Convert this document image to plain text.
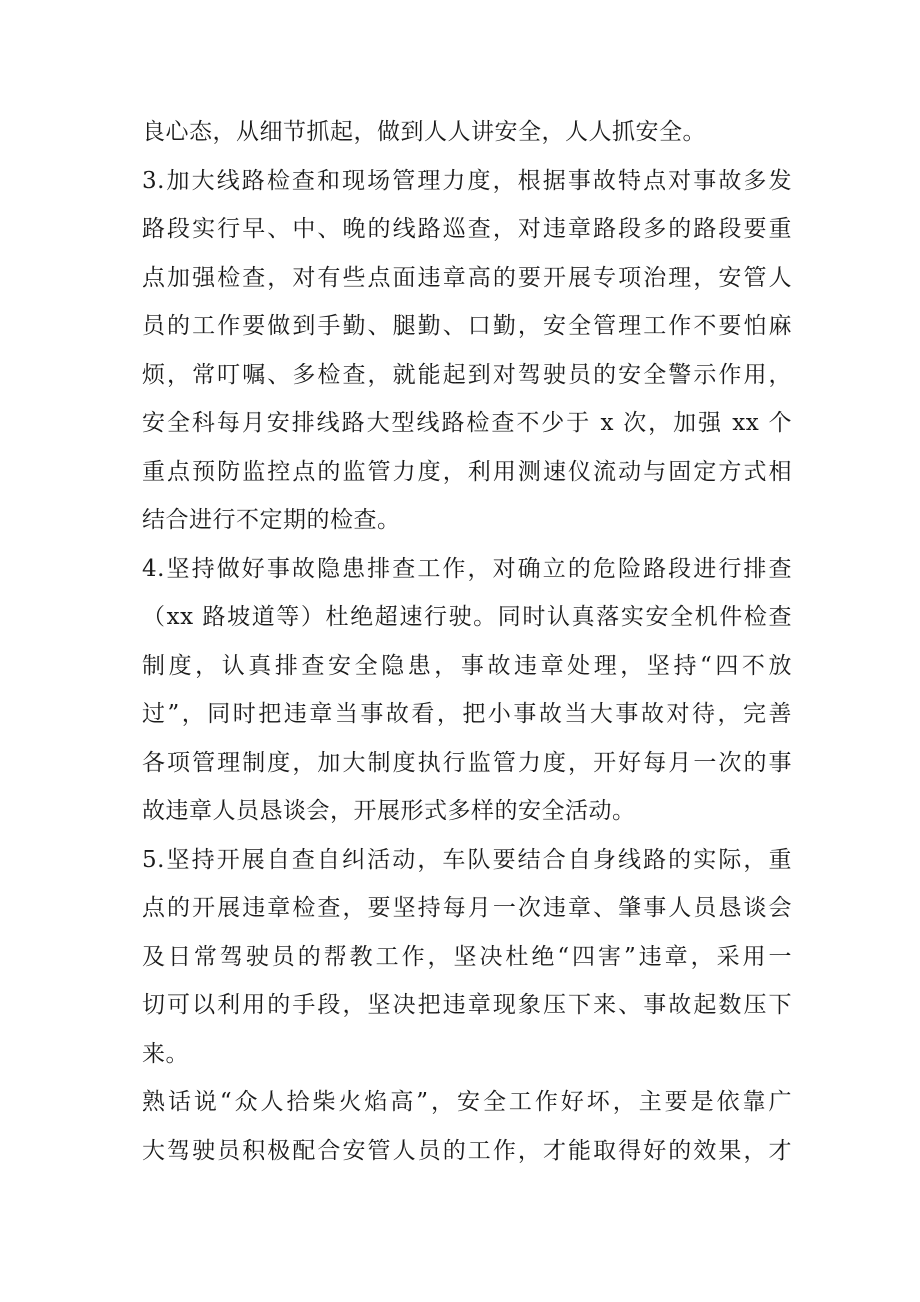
良心态，从细节抓起，做到人人讲安全，人人抓安全。
3.加大线路检查和现场管理力度，根据事故特点对事故多发
路段实行早、中、晚的线路巡查，对违章路段多的路段要重
点加强检查，对有些点面违章高的要开展专项治理，安管人
员的工作要做到手勤、腿勤、口勤，安全管理工作不要怕麻
烦，常叮嘱、多检查，就能起到对驾驶员的安全警示作用，
安全科每月安排线路大型线路检查不少于 x 次，加强 xx 个
重点预防监控点的监管力度，利用测速仪流动与固定方式相
结合进行不定期的检查。
4.坚持做好事故隐患排查工作，对确立的危险路段进行排查
（xx 路坡道等）杜绝超速行驶。同时认真落实安全机件检查
制度，认真排查安全隐患，事故违章处理，坚持“四不放
过”，同时把违章当事故看，把小事故当大事故对待，完善
各项管理制度，加大制度执行监管力度，开好每月一次的事
故违章人员恳谈会，开展形式多样的安全活动。
5.坚持开展自查自纠活动，车队要结合自身线路的实际，重
点的开展违章检查，要坚持每月一次违章、肇事人员恳谈会
及日常驾驶员的帮教工作，坚决杜绝“四害”违章，采用一
切可以利用的手段，坚决把违章现象压下来、事故起数压下
来。
熟话说“众人拾柴火焰高”，安全工作好坏，主要是依靠广
大驾驶员积极配合安管人员的工作，才能取得好的效果，才
